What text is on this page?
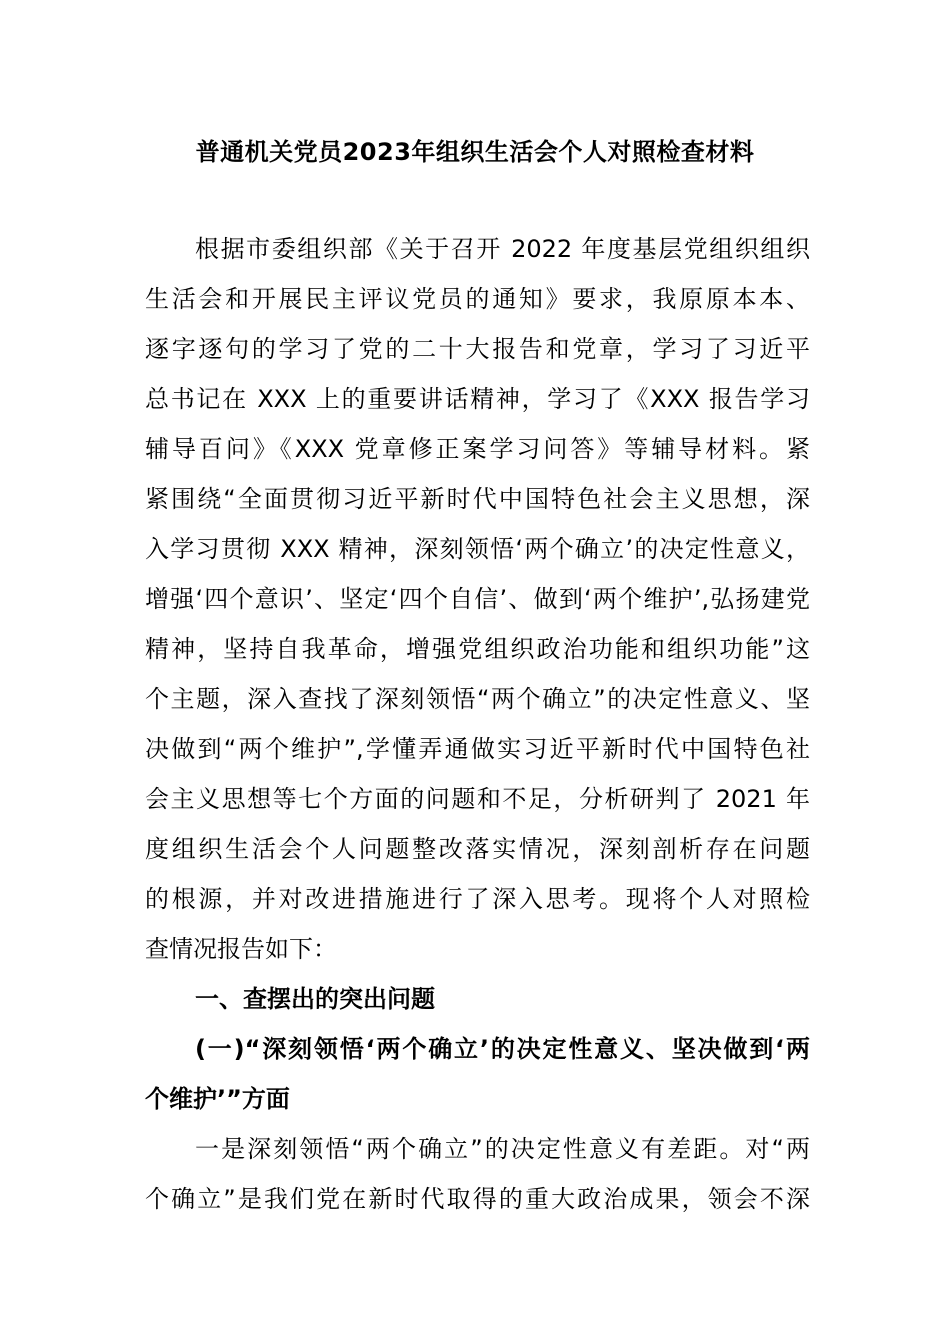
普通机关党员2023年组织生活会个人对照检查材料
根据市委组织部《关于召开 2022 年度基层党组织组织
生活会和开展民主评议党员的通知》要求，我原原本本、
逐字逐句的学习了党的二十大报告和党章，学习了习近平
总书记在 XXX 上的重要讲话精神，学习了《XXX 报告学习
辅导百问》《XXX 党章修正案学习问答》等辅导材料。紧
紧围绕“全面贯彻习近平新时代中国特色社会主义思想，深
入学习贯彻 XXX 精神，深刻领悟‘两个确立’的决定性意义，
增强‘四个意识’、坚定‘四个自信’、做到‘两个维护’,弘扬建党
精神，坚持自我革命，增强党组织政治功能和组织功能”这
个主题，深入查找了深刻领悟“两个确立”的决定性意义、坚
决做到“两个维护”,学懂弄通做实习近平新时代中国特色社
会主义思想等七个方面的问题和不足，分析研判了 2021 年
度组织生活会个人问题整改落实情况，深刻剖析存在问题
的根源，并对改进措施进行了深入思考。现将个人对照检
查情况报告如下：
一、查摆出的突出问题
(一)“深刻领悟‘两个确立’的决定性意义、坚决做到‘两
个维护’”方面
一是深刻领悟“两个确立”的决定性意义有差距。对“两
个确立”是我们党在新时代取得的重大政治成果，领会不深
